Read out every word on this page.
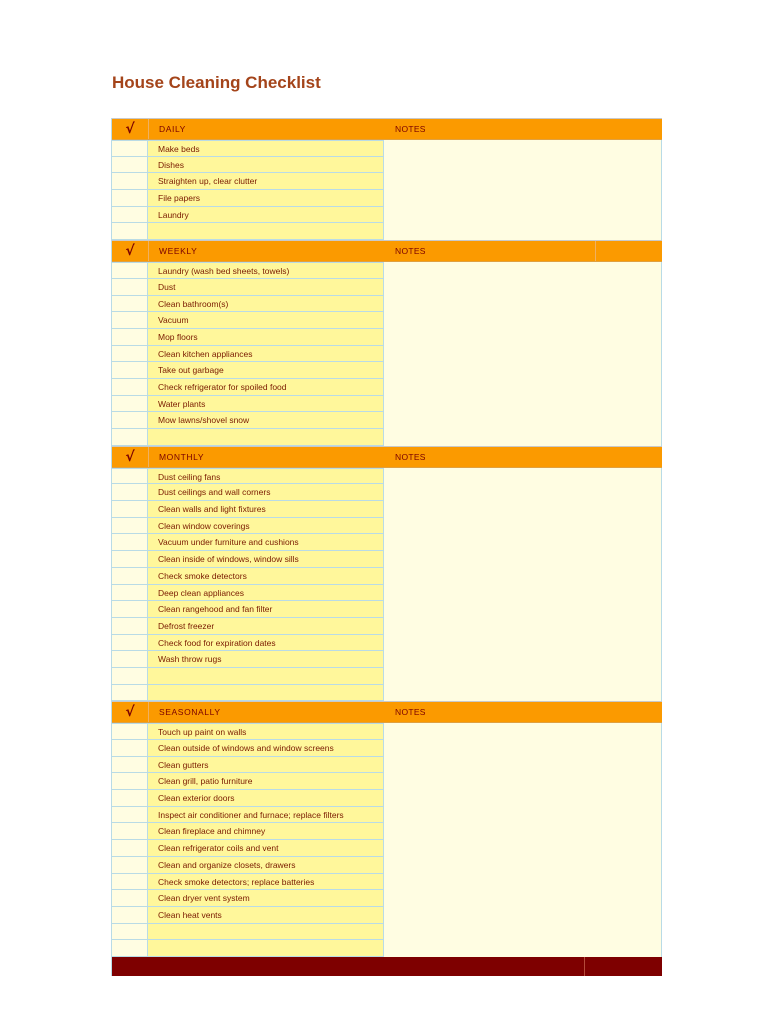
House Cleaning Checklist
√	DAILY	NOTES
Make beds
Dishes
Straighten up, clear clutter
File papers
Laundry
√	WEEKLY	NOTES
Laundry (wash bed sheets, towels)
Dust
Clean bathroom(s)
Vacuum
Mop floors
Clean kitchen appliances
Take out garbage
Check refrigerator for spoiled food
Water plants
Mow lawns/shovel snow
√	MONTHLY	NOTES
Dust ceiling fans
Dust ceilings and wall corners
Clean walls and light fixtures
Clean window coverings
Vacuum under furniture and cushions
Clean inside of windows, window sills
Check smoke detectors
Deep clean appliances
Clean rangehood and fan filter
Defrost freezer
Check food for expiration dates
Wash throw rugs
√	SEASONALLY	NOTES
Touch up paint on walls
Clean outside of windows and window screens
Clean gutters
Clean grill, patio furniture
Clean exterior doors
Inspect air conditioner and furnace; replace filters
Clean fireplace and chimney
Clean refrigerator coils and vent
Clean and organize closets, drawers
Check smoke detectors; replace batteries
Clean dryer vent system
Clean heat vents
